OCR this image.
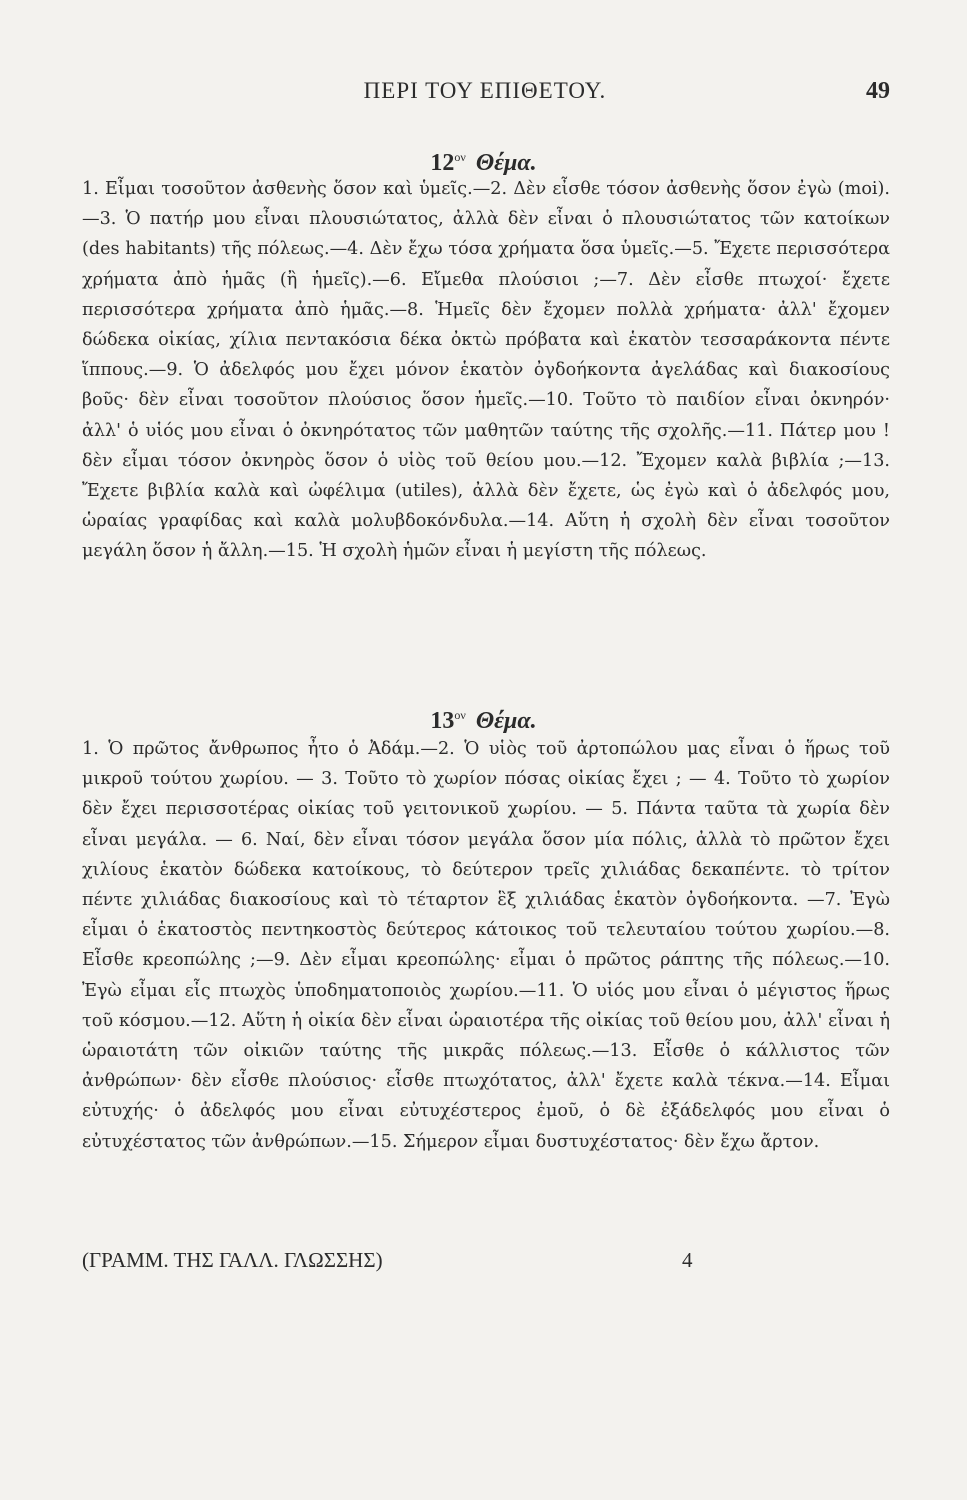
ΠΕΡΙ ΤΟΥ ΕΠΙΘΕΤΟΥ.	49
$12^{o\nu}$ Θέμα.

1. Εἶμαι τοσοῦτον ἀσθενὴς ὅσον καὶ ὑμεῖς.—2. Δὲν εἶσθε τόσον ἀσθενὴς ὅσον ἐγὼ (moi).—3. Ὁ πατήρ μου εἶναι πλουσιώτατος, ἀλλὰ δὲν εἶναι ὁ πλουσιώτατος τῶν κατοίκων (des habitants) τῆς πόλεως.—4. Δὲν ἔχω τόσα χρήματα ὅσα ὑμεῖς.—5. Ἔχετε περισσότερα χρήματα ἀπὸ ἡμᾶς (ἢ ἡμεῖς).—6. Εἴμεθα πλούσιοι ;—7. Δὲν εἶσθε πτωχοί· ἔχετε περισσότερα χρήματα ἀπὸ ἡμᾶς.—8. Ἡμεῖς δὲν ἔχομεν πολλὰ χρήματα· ἀλλ' ἔχομεν δώδεκα οἰκίας, χίλια πεντακόσια δέκα ὀκτὼ πρόβατα καὶ ἑκατὸν τεσσαράκοντα πέντε ἵππους.—9. Ὁ ἀδελφός μου ἔχει μόνον ἑκατὸν ὀγδοήκοντα ἀγελάδας καὶ διακοσίους βοῦς· δὲν εἶναι τοσοῦτον πλούσιος ὅσον ἡμεῖς.—10. Τοῦτο τὸ παιδίον εἶναι ὀκνηρόν· ἀλλ' ὁ υἱός μου εἶναι ὁ ὀκνηρότατος τῶν μαθητῶν ταύτης τῆς σχολῆς.—11. Πάτερ μου ! δὲν εἶμαι τόσον ὀκνηρὸς ὅσον ὁ υἱὸς τοῦ θείου μου.—12. Ἔχομεν καλὰ βιβλία ;—13. Ἔχετε βιβλία καλὰ καὶ ὠφέλιμα (utiles), ἀλλὰ δὲν ἔχετε, ὡς ἐγὼ καὶ ὁ ἀδελφός μου, ὡραίας γραφίδας καὶ καλὰ μολυβδοκόνδυλα.—14. Αὕτη ἡ σχολὴ δὲν εἶναι τοσοῦτον μεγάλη ὅσον ἡ ἄλλη.—15. Ἡ σχολὴ ἡμῶν εἶναι ἡ μεγίστη τῆς πόλεως.

$13^{o\nu}$ Θέμα.

1. Ὁ πρῶτος ἄνθρωπος ἦτο ὁ Ἀδάμ.—2. Ὁ υἱὸς τοῦ ἀρτοπώλου μας εἶναι ὁ ἥρως τοῦ μικροῦ τούτου χωρίου. — 3. Τοῦτο τὸ χωρίον πόσας οἰκίας ἔχει ; — 4. Τοῦτο τὸ χωρίον δὲν ἔχει περισσοτέρας οἰκίας τοῦ γειτονικοῦ χωρίου. — 5. Πάντα ταῦτα τὰ χωρία δὲν εἶναι μεγάλα. — 6. Ναί, δὲν εἶναι τόσον μεγάλα ὅσον μία πόλις, ἀλλὰ τὸ πρῶτον ἔχει χιλίους ἑκατὸν δώδεκα κατοίκους, τὸ δεύτερον τρεῖς χιλιάδας δεκαπέντε. τὸ τρίτον πέντε χιλιάδας διακοσίους καὶ τὸ τέταρτον ἓξ χιλιάδας ἑκατὸν ὀγδοήκοντα. —7. Ἐγὼ εἶμαι ὁ ἑκατοστὸς πεντηκοστὸς δεύτερος κάτοικος τοῦ τελευταίου τούτου χωρίου.—8. Εἶσθε κρεοπώλης ;—9. Δὲν εἶμαι κρεοπώλης· εἶμαι ὁ πρῶτος ράπτης τῆς πόλεως.—10. Ἐγὼ εἶμαι εἷς πτωχὸς ὑποδηματοποιὸς χωρίου.—11. Ὁ υἱός μου εἶναι ὁ μέγιστος ἥρως τοῦ κόσμου.—12. Αὕτη ἡ οἰκία δὲν εἶναι ὡραιοτέρα τῆς οἰκίας τοῦ θείου μου, ἀλλ' εἶναι ἡ ὡραιοτάτη τῶν οἰκιῶν ταύτης τῆς μικρᾶς πόλεως.—13. Εἶσθε ὁ κάλλιστος τῶν ἀνθρώπων· δὲν εἶσθε πλούσιος· εἶσθε πτωχότατος, ἀλλ' ἔχετε καλὰ τέκνα.—14. Εἶμαι εὐτυχής· ὁ ἀδελφός μου εἶναι εὐτυχέστερος ἐμοῦ, ὁ δὲ ἐξάδελφός μου εἶναι ὁ εὐτυχέστατος τῶν ἀνθρώπων.—15. Σήμερον εἶμαι δυστυχέστατος· δὲν ἔχω ἄρτον.

(ΓΡΑΜΜ. ΤΗΣ ΓΑΛΛ. ΓΛΩΣΣΗΣ)	4
